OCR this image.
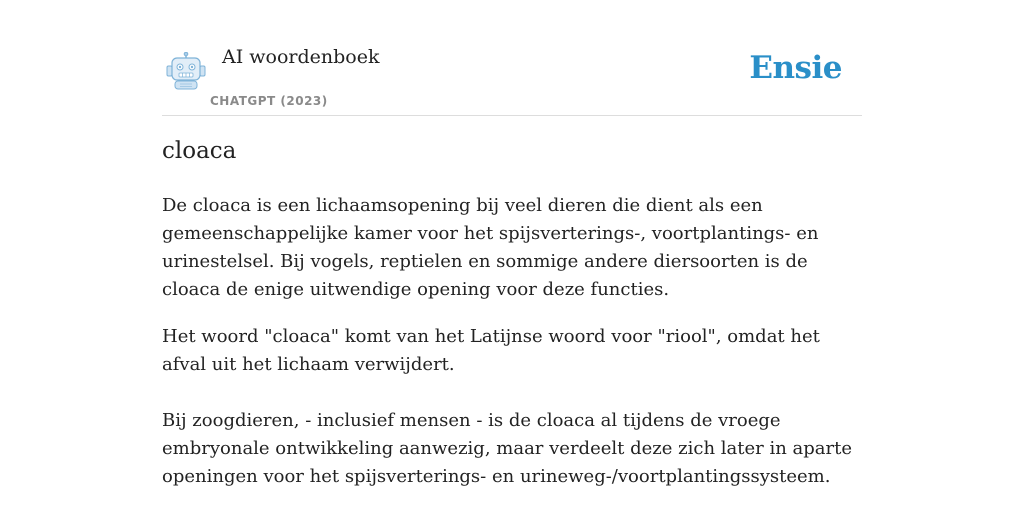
AI woordenboek
CHATGPT (2023)
Ensie
cloaca

De cloaca is een lichaamsopening bij veel dieren die dient als een gemeenschappelijke kamer voor het spijsverterings-, voortplantings- en urinestelsel. Bij vogels, reptielen en sommige andere diersoorten is de cloaca de enige uitwendige opening voor deze functies.

Het woord "cloaca" komt van het Latijnse woord voor "riool", omdat het afval uit het lichaam verwijdert.

Bij zoogdieren, - inclusief mensen - is de cloaca al tijdens de vroege embryonale ontwikkeling aanwezig, maar verdeelt deze zich later in aparte openingen voor het spijsverterings- en urineweg-/voortplantingssysteem.
